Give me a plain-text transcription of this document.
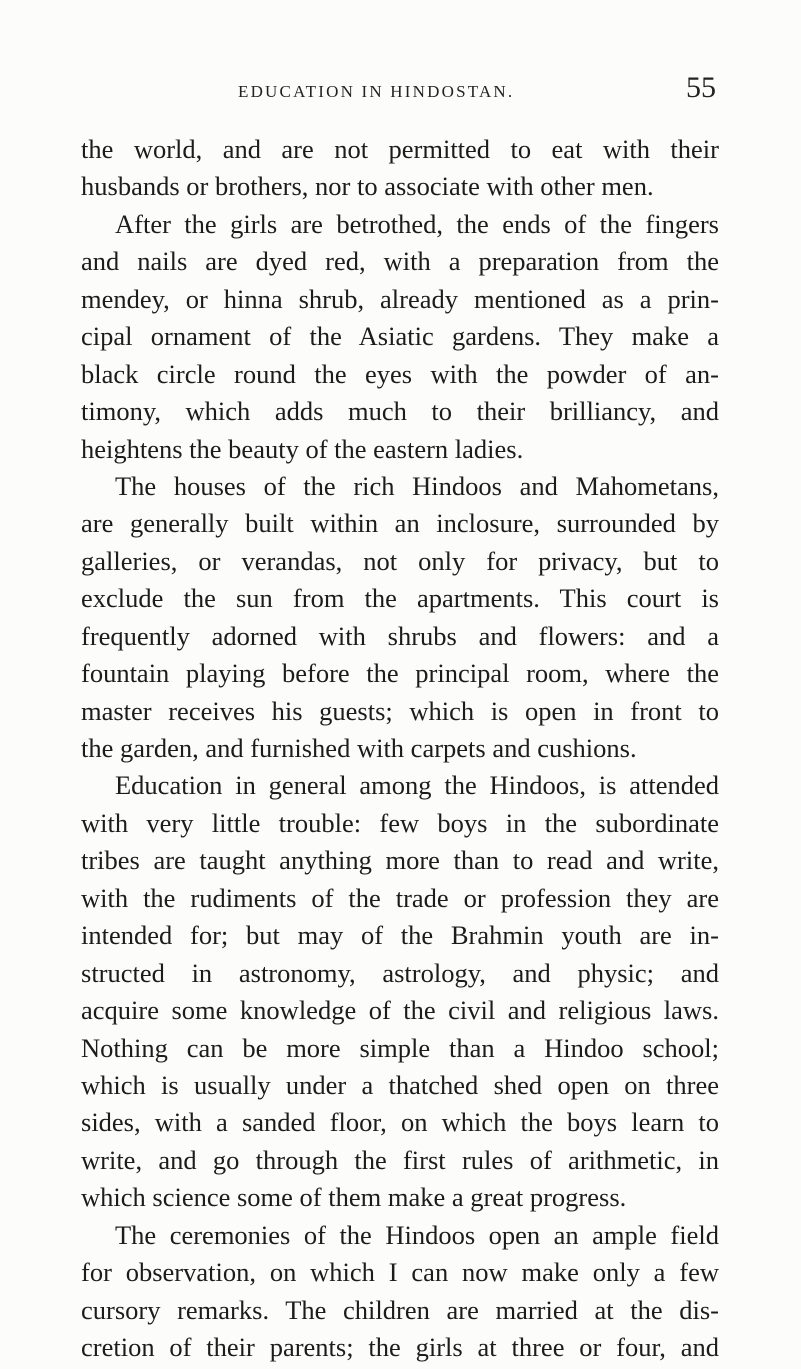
EDUCATION IN HINDOSTAN.	55
the world, and are not permitted to eat with their
husbands or brothers, nor to associate with other men.
After the girls are betrothed, the ends of the fingers
and nails are dyed red, with a preparation from the
mendey, or hinna shrub, already mentioned as a prin-
cipal ornament of the Asiatic gardens. They make a
black circle round the eyes with the powder of an-
timony, which adds much to their brilliancy, and
heightens the beauty of the eastern ladies.
The houses of the rich Hindoos and Mahometans,
are generally built within an inclosure, surrounded by
galleries, or verandas, not only for privacy, but to
exclude the sun from the apartments. This court is
frequently adorned with shrubs and flowers: and a
fountain playing before the principal room, where the
master receives his guests; which is open in front to
the garden, and furnished with carpets and cushions.
Education in general among the Hindoos, is attended
with very little trouble: few boys in the subordinate
tribes are taught anything more than to read and write,
with the rudiments of the trade or profession they are
intended for; but may of the Brahmin youth are in-
structed in astronomy, astrology, and physic; and
acquire some knowledge of the civil and religious laws.
Nothing can be more simple than a Hindoo school;
which is usually under a thatched shed open on three
sides, with a sanded floor, on which the boys learn to
write, and go through the first rules of arithmetic, in
which science some of them make a great progress.
The ceremonies of the Hindoos open an ample field
for observation, on which I can now make only a few
cursory remarks. The children are married at the dis-
cretion of their parents; the girls at three or four, and
